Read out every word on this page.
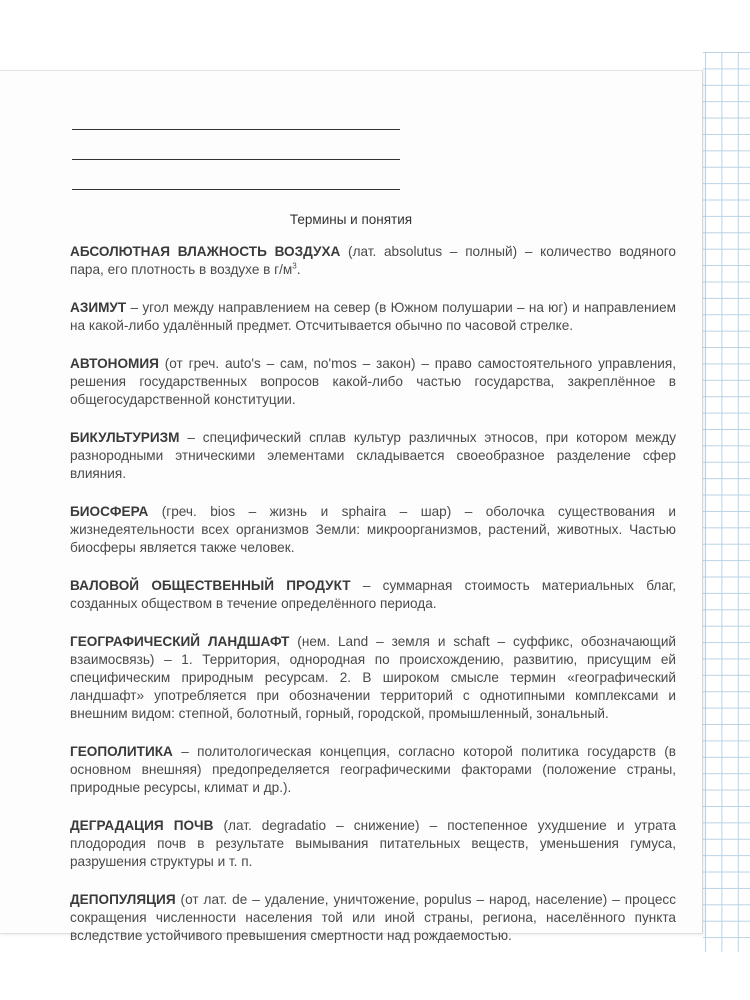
Термины и понятия

АБСОЛЮТНАЯ ВЛАЖНОСТЬ ВОЗДУХА (лат. absolutus – полный) – количество водяного пара, его плотность в воздухе в $г/м^3$.

АЗИМУТ – угол между направлением на север (в Южном полушарии – на юг) и направлением на какой-либо удалённый предмет. Отсчитывается обычно по часовой стрелке.

АВТОНОМИЯ (от греч. auto's – сам, no'mos – закон) – право самостоятельного управления, решения государственных вопросов какой-либо частью государства, закреплённое в общегосударственной конституции.

БИКУЛЬТУРИЗМ – специфический сплав культур различных этносов, при котором между разнородными этническими элементами складывается своеобразное разделение сфер влияния.

БИОСФЕРА (греч. bios – жизнь и sphaira – шар) – оболочка существования и жизнедеятельности всех организмов Земли: микроорганизмов, растений, животных. Частью биосферы является также человек.

ВАЛОВОЙ ОБЩЕСТВЕННЫЙ ПРОДУКТ – суммарная стоимость материальных благ, созданных обществом в течение определённого периода.

ГЕОГРАФИЧЕСКИЙ ЛАНДШАФТ (нем. Land – земля и schaft – суффикс, обозначающий взаимосвязь) – 1. Территория, однородная по происхождению, развитию, присущим ей специфическим природным ресурсам. 2. В широком смысле термин «географический ландшафт» употребляется при обозначении территорий с однотипными комплексами и внешним видом: степной, болотный, горный, городской, промышленный, зональный.

ГЕОПОЛИТИКА – политологическая концепция, согласно которой политика государств (в основном внешняя) предопределяется географическими факторами (положение страны, природные ресурсы, климат и др.).

ДЕГРАДАЦИЯ ПОЧВ (лат. degradatio – снижение) – постепенное ухудшение и утрата плодородия почв в результате вымывания питательных веществ, уменьшения гумуса, разрушения структуры и т. п.

ДЕПОПУЛЯЦИЯ (от лат. de – удаление, уничтожение, populus – народ, население) – процесс сокращения численности населения той или иной страны, региона, населённого пункта вследствие устойчивого превышения смертности над рождаемостью.
